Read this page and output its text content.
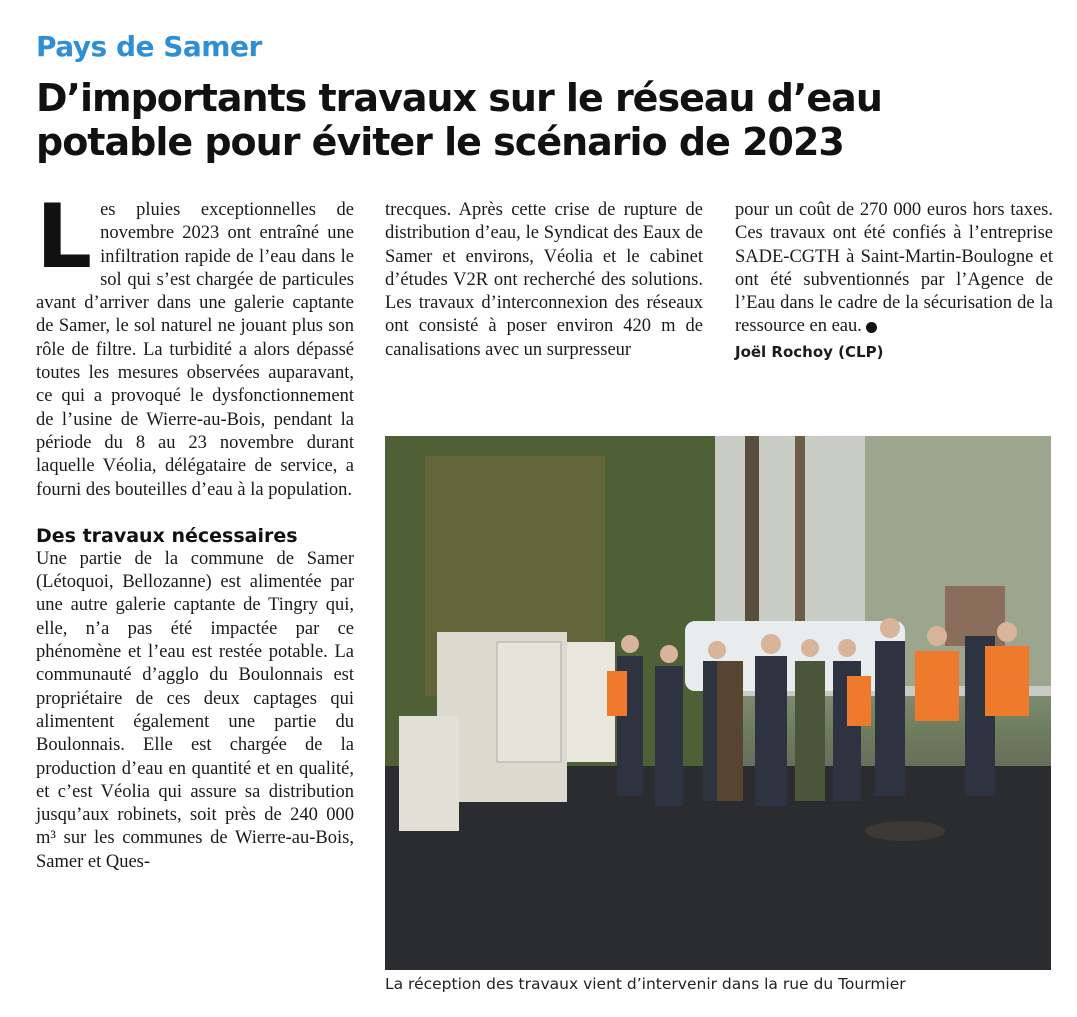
Pays de Samer
D’importants travaux sur le réseau d’eau potable pour éviter le scénario de 2023
L es pluies exceptionnelles de novembre 2023 ont entraîné une infiltration rapide de l’eau dans le sol qui s’est chargée de particules avant d’arriver dans une galerie captante de Samer, le sol naturel ne jouant plus son rôle de filtre. La turbidité a alors dépassé toutes les mesures observées auparavant, ce qui a provoqué le dysfonctionnement de l’usine de Wierre-au-Bois, pendant la période du 8 au 23 novembre durant laquelle Véolia, délégataire de service, a fourni des bouteilles d’eau à la population.

Des travaux nécessaires

Une partie de la commune de Samer (Létoquoi, Bellozanne) est alimentée par une autre galerie captante de Tingry qui, elle, n’a pas été impactée par ce phénomène et l’eau est restée potable. La communauté d’agglo du Boulonnais est propriétaire de ces deux captages qui alimentent également une partie du Boulonnais. Elle est chargée de la production d’eau en quantité et en qualité, et c’est Véolia qui assure sa distribution jusqu’aux robinets, soit près de 240 000 m³ sur les communes de Wierre-au-Bois, Samer et Ques-

trecques. Après cette crise de rupture de distribution d’eau, le Syndicat des Eaux de Samer et environs, Véolia et le cabinet d’études V2R ont recherché des solutions. Les travaux d’interconnexion des réseaux ont consisté à poser environ 420 m de canalisations avec un surpresseur

pour un coût de 270 000 euros hors taxes. Ces travaux ont été confiés à l’entreprise SADE-CGTH à Saint-Martin-Boulogne et ont été subventionnés par l’Agence de l’Eau dans le cadre de la sécurisation de la ressource en eau.

Joël Rochoy (CLP)
La réception des travaux vient d’intervenir dans la rue du Tourmier
